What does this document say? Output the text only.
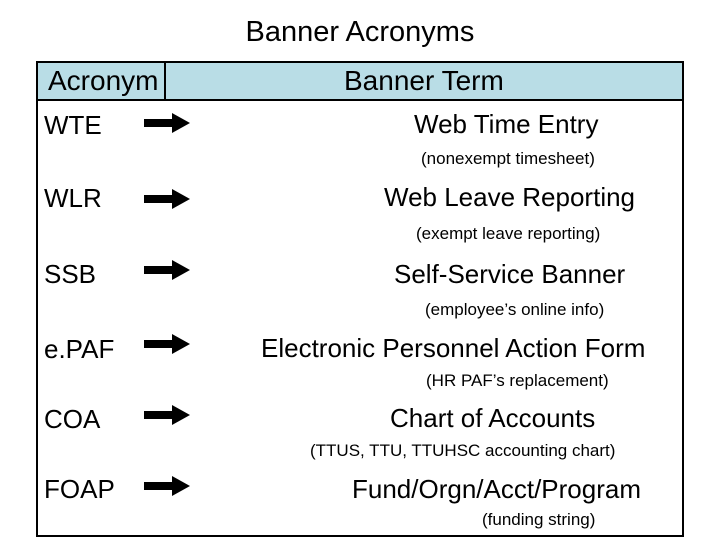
Banner Acronyms
Acronym	Banner Term
WTE	Web Time Entry
(nonexempt timesheet)
WLR	Web Leave Reporting
(exempt leave reporting)
SSB	Self-Service Banner
(employee’s online info)
e.PAF	Electronic Personnel Action Form
(HR PAF’s replacement)
COA	Chart of Accounts
(TTUS, TTU, TTUHSC accounting chart)
FOAP	Fund/Orgn/Acct/Program
(funding string)
